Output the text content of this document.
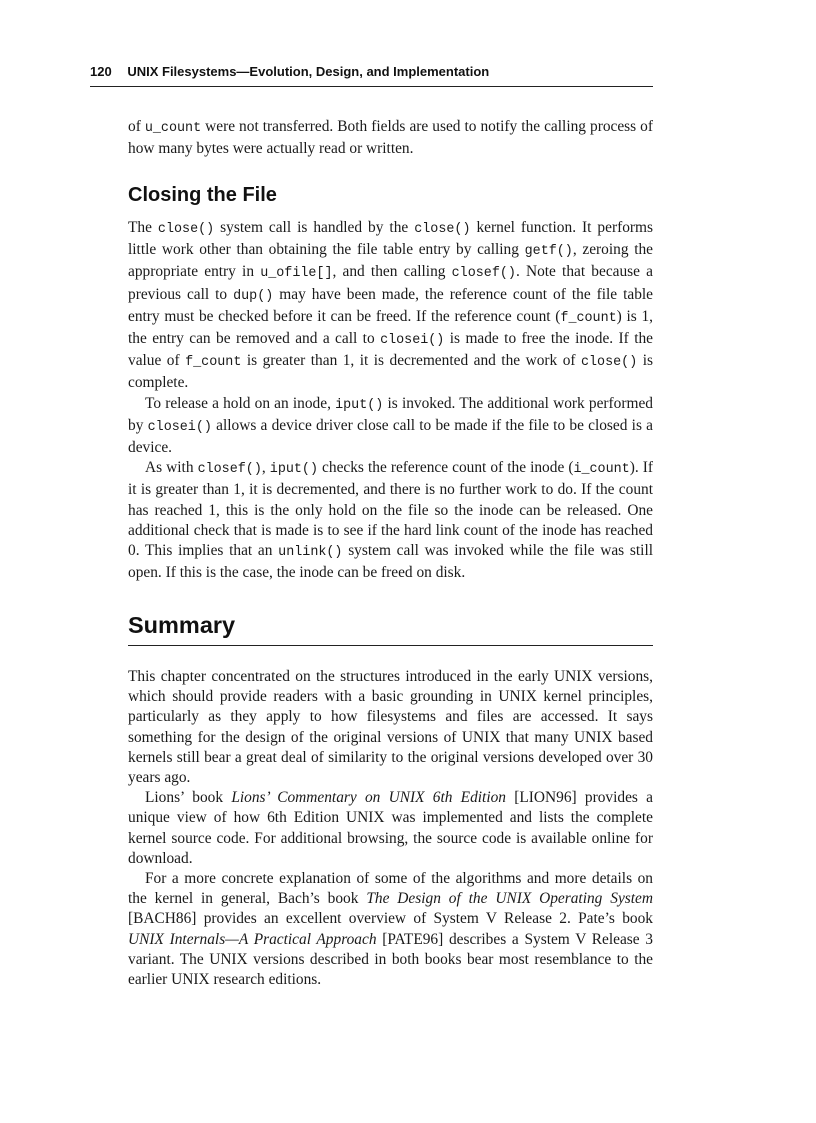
120 UNIX Filesystems—Evolution, Design, and Implementation

of u_count were not transferred. Both fields are used to notify the calling process of how many bytes were actually read or written.

Closing the File

The close() system call is handled by the close() kernel function. It performs little work other than obtaining the file table entry by calling getf(), zeroing the appropriate entry in u_ofile[], and then calling closef(). Note that because a previous call to dup() may have been made, the reference count of the file table entry must be checked before it can be freed. If the reference count (f_count) is 1, the entry can be removed and a call to closei() is made to free the inode. If the value of f_count is greater than 1, it is decremented and the work of close() is complete.

To release a hold on an inode, iput() is invoked. The additional work performed by closei() allows a device driver close call to be made if the file to be closed is a device.

As with closef(), iput() checks the reference count of the inode (i_count). If it is greater than 1, it is decremented, and there is no further work to do. If the count has reached 1, this is the only hold on the file so the inode can be released. One additional check that is made is to see if the hard link count of the inode has reached 0. This implies that an unlink() system call was invoked while the file was still open. If this is the case, the inode can be freed on disk.

Summary

This chapter concentrated on the structures introduced in the early UNIX versions, which should provide readers with a basic grounding in UNIX kernel principles, particularly as they apply to how filesystems and files are accessed. It says something for the design of the original versions of UNIX that many UNIX based kernels still bear a great deal of similarity to the original versions developed over 30 years ago.

Lions’ book Lions’ Commentary on UNIX 6th Edition [LION96] provides a unique view of how 6th Edition UNIX was implemented and lists the complete kernel source code. For additional browsing, the source code is available online for download.

For a more concrete explanation of some of the algorithms and more details on the kernel in general, Bach’s book The Design of the UNIX Operating System [BACH86] provides an excellent overview of System V Release 2. Pate’s book UNIX Internals—A Practical Approach [PATE96] describes a System V Release 3 variant. The UNIX versions described in both books bear most resemblance to the earlier UNIX research editions.
